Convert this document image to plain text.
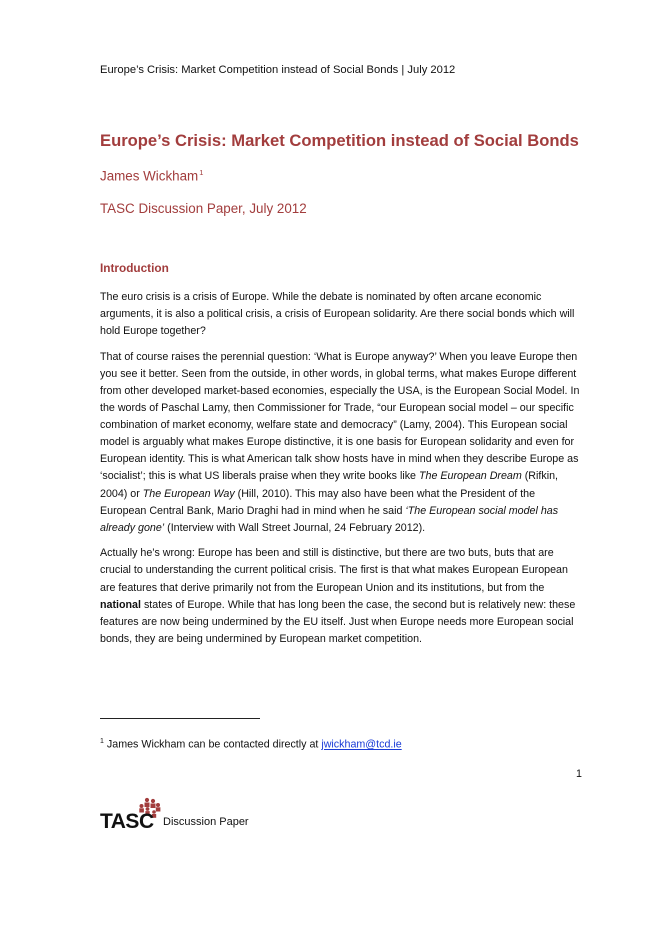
Europe’s Crisis: Market Competition instead of Social Bonds | July 2012
Europe’s Crisis: Market Competition instead of Social Bonds

James Wickham$^1$

TASC Discussion Paper, July 2012

Introduction

The euro crisis is a crisis of Europe. While the debate is nominated by often arcane economic arguments, it is also a political crisis, a crisis of European solidarity. Are there social bonds which will hold Europe together?

That of course raises the perennial question: ‘What is Europe anyway?’ When you leave Europe then you see it better. Seen from the outside, in other words, in global terms, what makes Europe different from other developed market-based economies, especially the USA, is the European Social Model. In the words of Paschal Lamy, then Commissioner for Trade, “our European social model – our specific combination of market economy, welfare state and democracy” (Lamy, 2004). This European social model is arguably what makes Europe distinctive, it is one basis for European solidarity and even for European identity. This is what American talk show hosts have in mind when they describe Europe as ‘socialist’; this is what US liberals praise when they write books like The European Dream (Rifkin, 2004) or The European Way (Hill, 2010). This may also have been what the President of the European Central Bank, Mario Draghi had in mind when he said ‘The European social model has already gone’ (Interview with Wall Street Journal, 24 February 2012).

Actually he’s wrong: Europe has been and still is distinctive, but there are two buts, buts that are crucial to understanding the current political crisis. The first is that what makes European European are features that derive primarily not from the European Union and its institutions, but from the national states of Europe. While that has long been the case, the second but is relatively new: these features are now being undermined by the EU itself. Just when Europe needs more European social bonds, they are being undermined by European market competition.

$^1$ James Wickham can be contacted directly at jwickham@tcd.ie
1
TASC Discussion Paper
